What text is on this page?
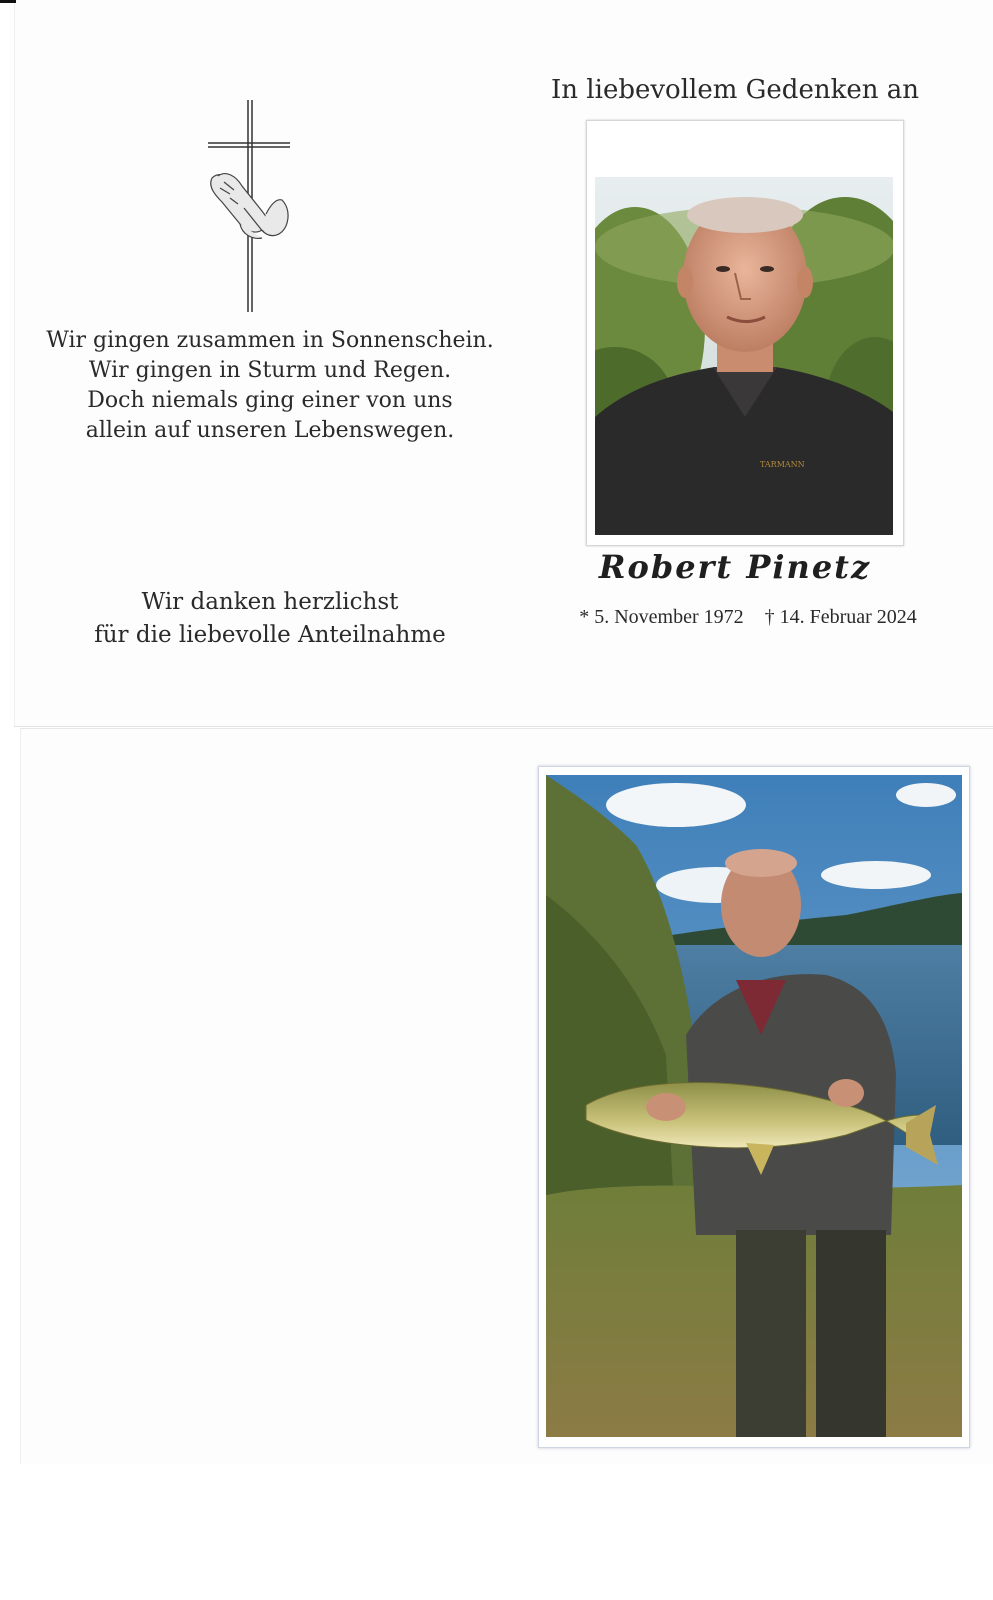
Wir gingen zusammen in Sonnenschein.
Wir gingen in Sturm und Regen.
Doch niemals ging einer von uns
allein auf unseren Lebenswegen.
Wir danken herzlichst
für die liebevolle Anteilnahme
In liebevollem Gedenken an
TARMANN
Robert Pinetz
* 5. November 1972 † 14. Februar 2024
